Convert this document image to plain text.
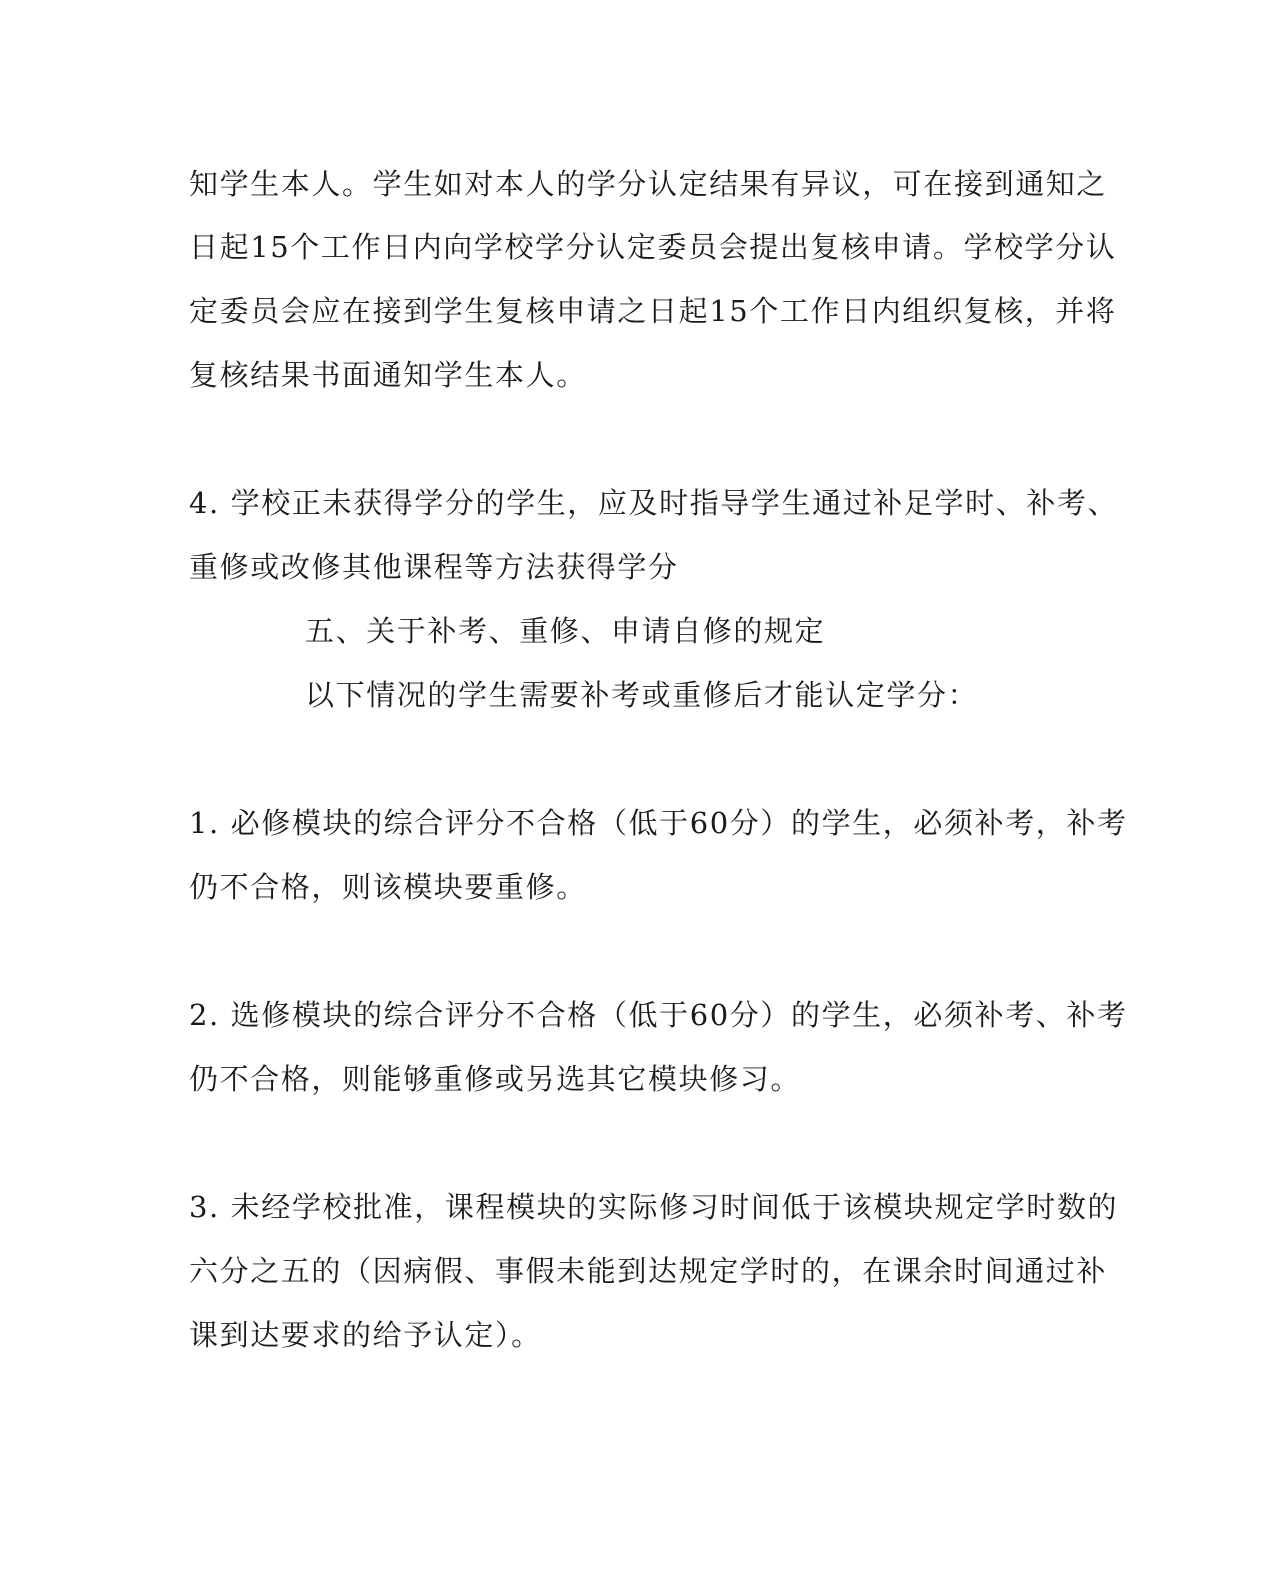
知学生本人。学生如对本人的学分认定结果有异议，可在接到通知之
日起15个工作日内向学校学分认定委员会提出复核申请。学校学分认
定委员会应在接到学生复核申请之日起15个工作日内组织复核，并将
复核结果书面通知学生本人。
4. 学校正未获得学分的学生，应及时指导学生通过补足学时、补考、
重修或改修其他课程等方法获得学分
五、关于补考、重修、申请自修的规定
以下情况的学生需要补考或重修后才能认定学分：
1. 必修模块的综合评分不合格（低于60分）的学生，必须补考，补考
仍不合格，则该模块要重修。
2. 选修模块的综合评分不合格（低于60分）的学生，必须补考、补考
仍不合格，则能够重修或另选其它模块修习。
3. 未经学校批准，课程模块的实际修习时间低于该模块规定学时数的
六分之五的（因病假、事假未能到达规定学时的，在课余时间通过补
课到达要求的给予认定）。
